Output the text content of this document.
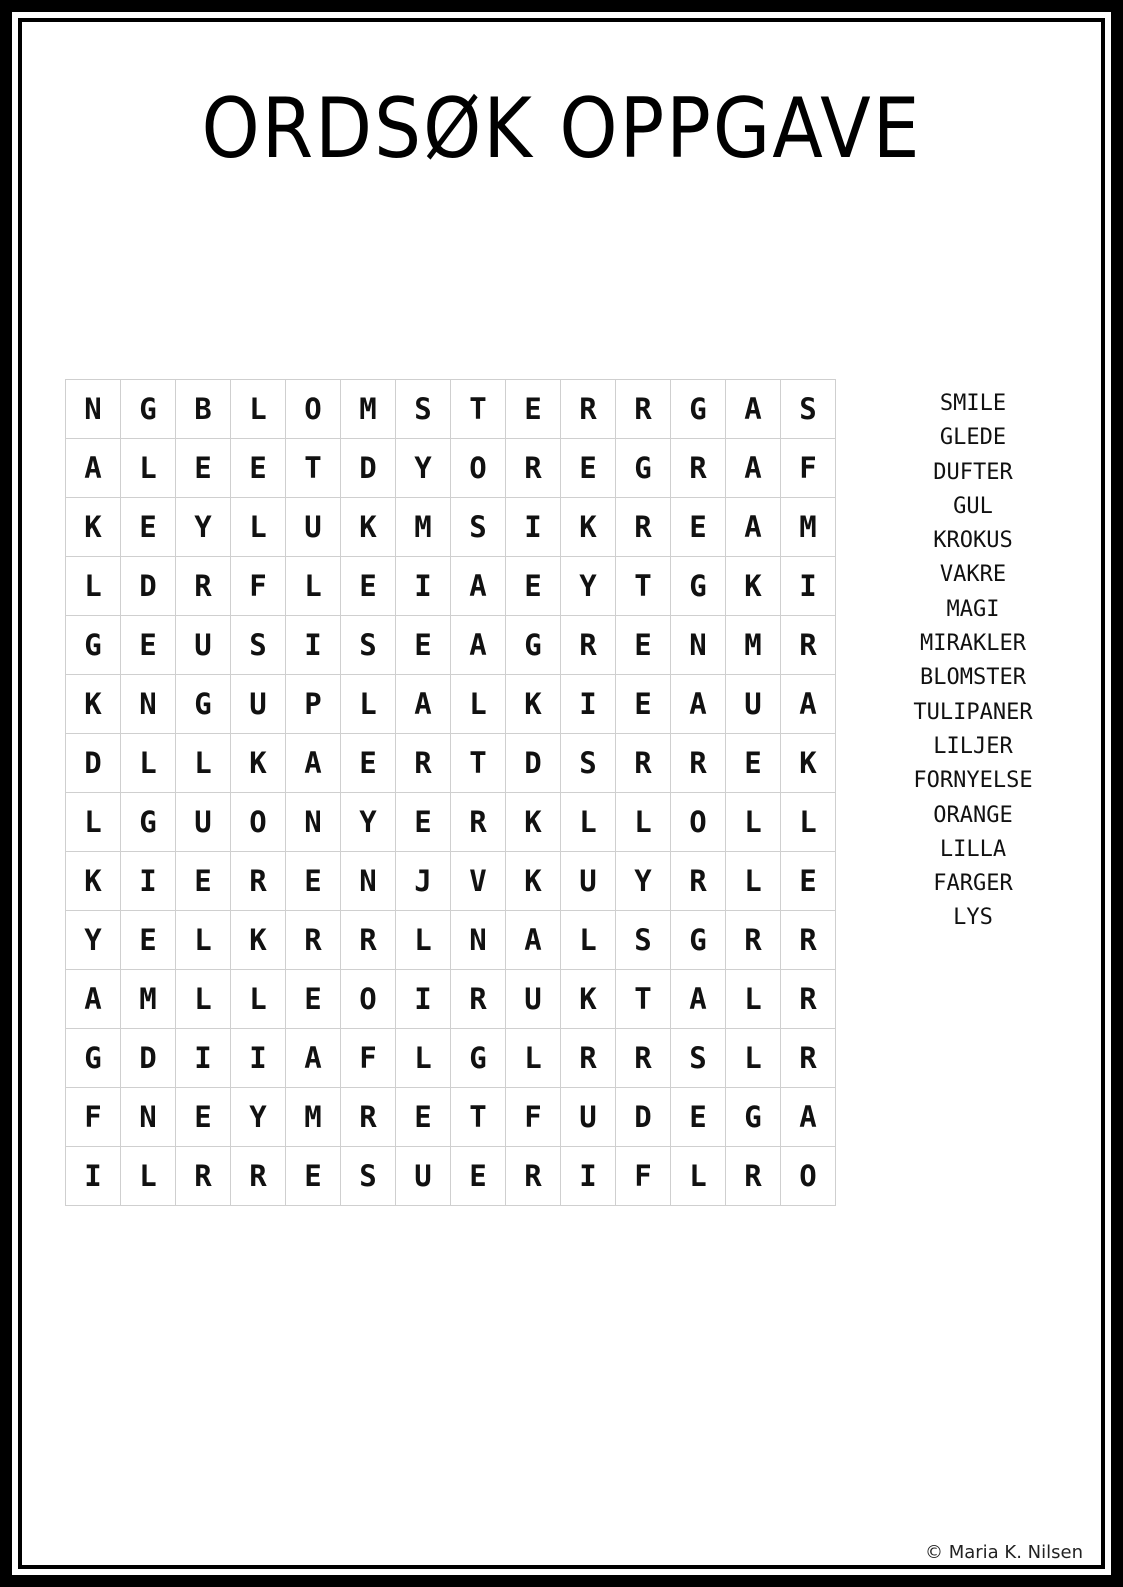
ORDSØK OPPGAVE
N	G	B	L	O	M	S	T	E	R	R	G	A	S
A	L	E	E	T	D	Y	O	R	E	G	R	A	F
K	E	Y	L	U	K	M	S	I	K	R	E	A	M
L	D	R	F	L	E	I	A	E	Y	T	G	K	I
G	E	U	S	I	S	E	A	G	R	E	N	M	R
K	N	G	U	P	L	A	L	K	I	E	A	U	A
D	L	L	K	A	E	R	T	D	S	R	R	E	K
L	G	U	O	N	Y	E	R	K	L	L	O	L	L
K	I	E	R	E	N	J	V	K	U	Y	R	L	E
Y	E	L	K	R	R	L	N	A	L	S	G	R	R
A	M	L	L	E	O	I	R	U	K	T	A	L	R
G	D	I	I	A	F	L	G	L	R	R	S	L	R
F	N	E	Y	M	R	E	T	F	U	D	E	G	A
I	L	R	R	E	S	U	E	R	I	F	L	R	O
SMILE
GLEDE
DUFTER
GUL
KROKUS
VAKRE
MAGI
MIRAKLER
BLOMSTER
TULIPANER
LILJER
FORNYELSE
ORANGE
LILLA
FARGER
LYS
© Maria K. Nilsen
